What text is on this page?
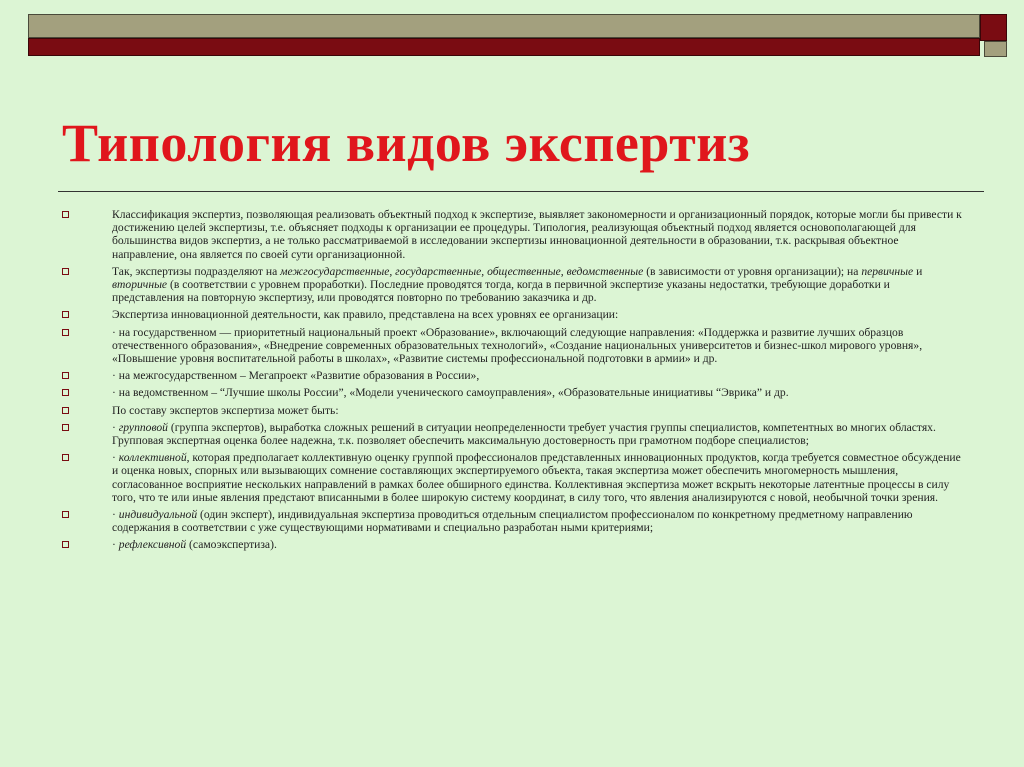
Типология видов экспертиз
Классификация экспертиз, позволяющая реализовать объектный подход к экспертизе, выявляет закономерности и организационный порядок, которые могли бы привести к достижению целей экспертизы, т.е. объясняет подходы к организации ее процедуры. Типология, реализующая объектный подход является основополагающей для большинства видов экспертиз, а не только рассматриваемой в исследовании экспертизы инновационной деятельности в образовании, т.к. раскрывая объектное направление, она является по своей сути организационной.
Так, экспертизы подразделяют на межгосударственные, государственные, общественные, ведомственные (в зависимости от уровня организации); на первичные и вторичные (в соответствии с уровнем проработки). Последние проводятся тогда, когда в первичной экспертизе указаны недостатки, требующие доработки и представления на повторную экспертизу, или проводятся повторно по требованию заказчика и др.
Экспертиза инновационной деятельности, как правило, представлена на всех уровнях ее организации:
· на государственном — приоритетный национальный проект «Образование», включающий следующие направления: «Поддержка и развитие лучших образцов отечественного образования», «Внедрение современных образовательных технологий», «Создание национальных университетов и бизнес-школ мирового уровня», «Повышение уровня воспитательной работы в школах», «Развитие системы профессиональной подготовки в армии» и др.
· на межгосударственном – Мегапроект «Развитие образования в России»,
· на ведомственном – “Лучшие школы России”, «Модели ученического самоуправления», «Образовательные инициативы “Эврика” и др.
По составу экспертов экспертиза может быть:
· групповой (группа экспертов), выработка сложных решений в ситуации неопределенности требует участия группы специалистов, компетентных во многих областях. Групповая экспертная оценка более надежна, т.к. позволяет обеспечить максимальную достоверность при грамотном подборе специалистов;
· коллективной, которая предполагает коллективную оценку группой профессионалов представленных инновационных продуктов, когда требуется совместное обсуждение и оценка новых, спорных или вызывающих сомнение составляющих экспертируемого объекта, такая экспертиза может обеспечить многомерность мышления, согласованное восприятие нескольких направлений в рамках более обширного единства. Коллективная экспертиза может вскрыть некоторые латентные процессы в силу того, что те или иные явления предстают вписанными в более широкую систему координат, в силу того, что явления анализируются с новой, необычной точки зрения.
· индивидуальной (один эксперт), индивидуальная экспертиза проводиться отдельным специалистом профессионалом по конкретному предметному направлению содержания в соответствии с уже существующими нормативами и специально разработан ными критериями;
· рефлексивной (самоэкспертиза).
